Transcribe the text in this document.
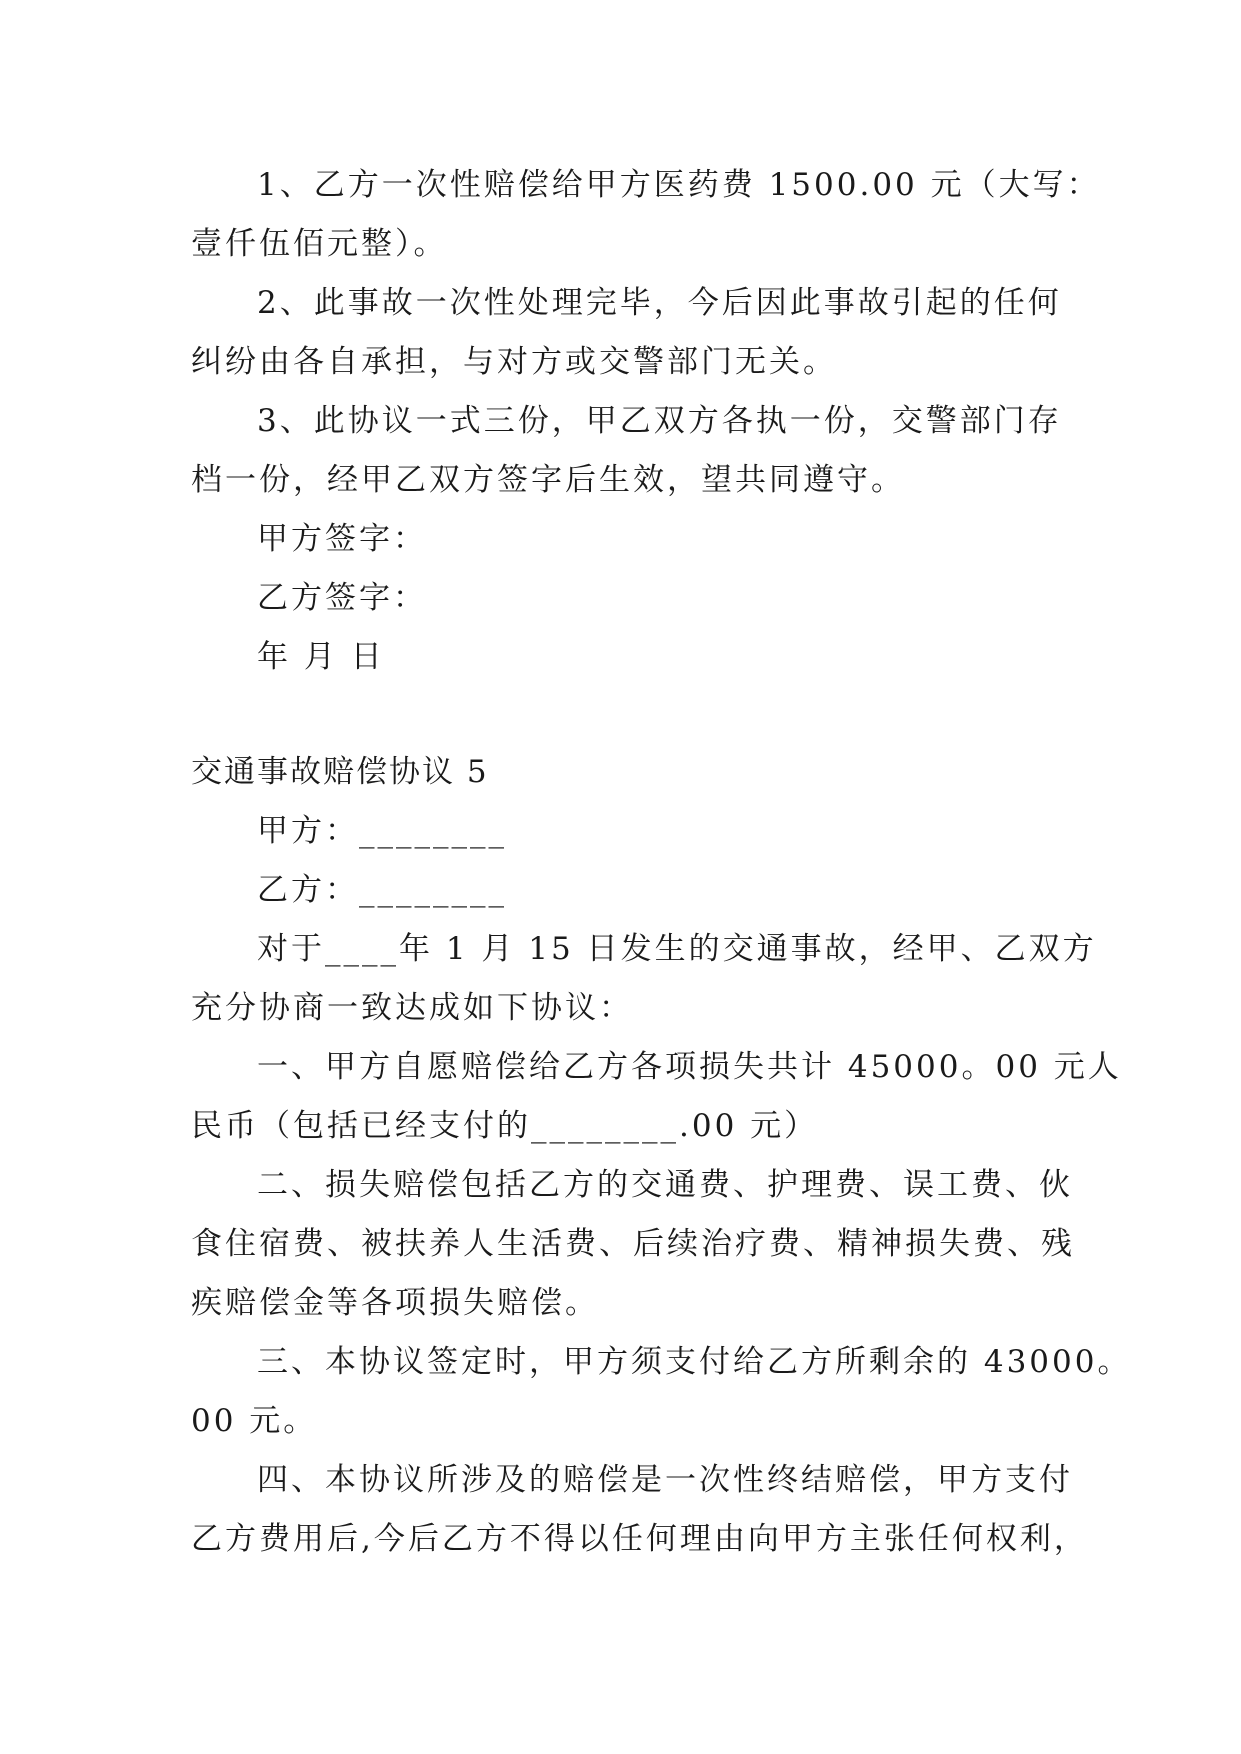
1、乙方一次性赔偿给甲方医药费 1500.00 元（大写：
壹仟伍佰元整）。
2、此事故一次性处理完毕，今后因此事故引起的任何
纠纷由各自承担，与对方或交警部门无关。
3、此协议一式三份，甲乙双方各执一份，交警部门存
档一份，经甲乙双方签字后生效，望共同遵守。
甲方签字：
乙方签字：
年 月 日
交通事故赔偿协议 5
甲方：________
乙方：________
对于____年 1 月 15 日发生的交通事故，经甲、乙双方
充分协商一致达成如下协议：
一、甲方自愿赔偿给乙方各项损失共计 45000。00 元人
民币（包括已经支付的________.00 元）
二、损失赔偿包括乙方的交通费、护理费、误工费、伙
食住宿费、被扶养人生活费、后续治疗费、精神损失费、残
疾赔偿金等各项损失赔偿。
三、本协议签定时，甲方须支付给乙方所剩余的 43000。
00 元。
四、本协议所涉及的赔偿是一次性终结赔偿，甲方支付
乙方费用后,今后乙方不得以任何理由向甲方主张任何权利，
